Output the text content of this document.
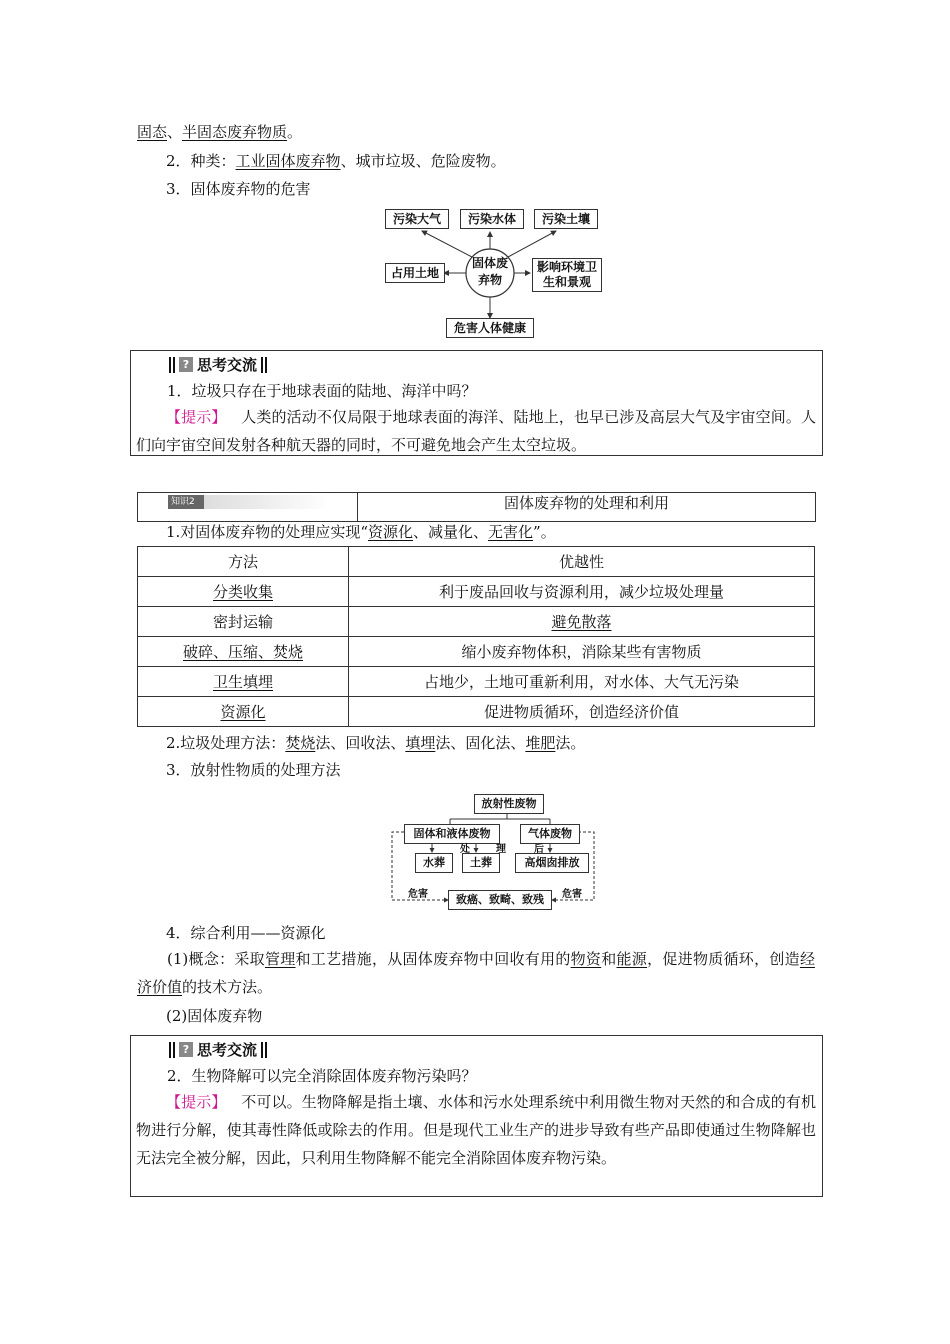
固态、半固态废弃物质。
2．种类：工业固体废弃物、城市垃圾、危险废物。
3．固体废弃物的危害
污染大气	污染水体	污染土壤
占用土地
固体废
弃物
影响环境卫
生和景观
危害人体健康
? 思考交流
1．垃圾只存在于地球表面的陆地、海洋中吗？
【提示】 人类的活动不仅局限于地球表面的海洋、陆地上，也早已涉及高层大气及宇宙空间。人们向宇宙空间发射各种航天器的同时，不可避免地会产生太空垃圾。
知识2	固体废弃物的处理和利用
1.对固体废弃物的处理应实现“资源化、减量化、无害化”。
方法	优越性
分类收集	利于废品回收与资源利用，减少垃圾处理量
密封运输	避免散落
破碎、压缩、焚烧	缩小废弃物体积，消除某些有害物质
卫生填埋	占地少，土地可重新利用，对水体、大气无污染
资源化	促进物质循环，创造经济价值
2.垃圾处理方法：焚烧法、回收法、填埋法、固化法、堆肥法。
3．放射性物质的处理方法
放射性废物
固体和液体废物	气体废物
水葬	土葬	高烟囱排放
处	理	后
危害	危害
致癌、致畸、致残
4．综合利用——资源化
(1)概念：采取管理和工艺措施，从固体废弃物中回收有用的物资和能源，促进物质循环，创造经济价值的技术方法。
(2)固体废弃物
? 思考交流
2．生物降解可以完全消除固体废弃物污染吗？
【提示】 不可以。生物降解是指土壤、水体和污水处理系统中利用微生物对天然的和合成的有机物进行分解，使其毒性降低或除去的作用。但是现代工业生产的进步导致有些产品即使通过生物降解也无法完全被分解，因此，只利用生物降解不能完全消除固体废弃物污染。
